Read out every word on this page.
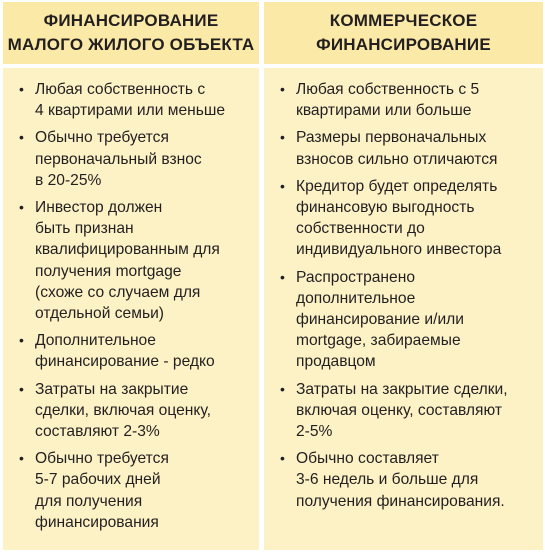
ФИНАНСИРОВАНИЕ
МАЛОГО ЖИЛОГО ОБЪЕКТА
КОММЕРЧЕСКОЕ
ФИНАНСИРОВАНИЕ
• Любая собственность с
4 квартирами или меньше
• Обычно требуется
первоначальный взнос
в 20-25%
• Инвестор должен
быть признан
квалифицированным для
получения mortgage
(схоже со случаем для
отдельной семьи)
• Дополнительное
финансирование - редко
• Затраты на закрытие
сделки, включая оценку,
составляют 2-3%
• Обычно требуется
5-7 рабочих дней
для получения
финансирования
• Любая собственность с 5
квартирами или больше
• Размеры первоначальных
взносов сильно отличаются
• Кредитор будет определять
финансовую выгодность
собственности до
индивидуального инвестора
• Распространено
дополнительное
финансирование и/или
mortgage, забираемые
продавцом
• Затраты на закрытие сделки,
включая оценку, составляют
2-5%
• Обычно составляет
3-6 недель и больше для
получения финансирования.
